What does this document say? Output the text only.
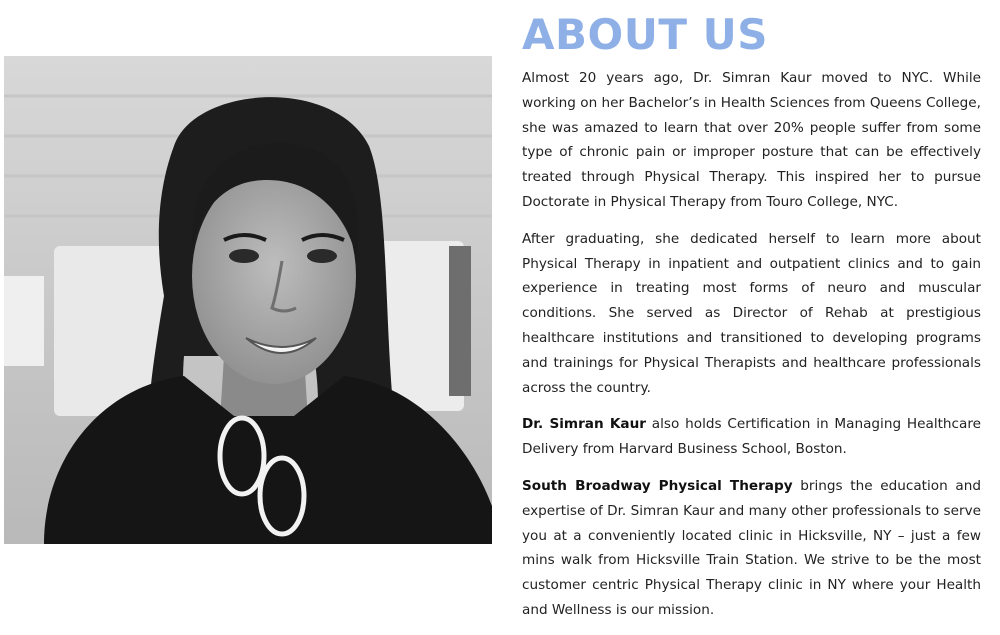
ABOUT US

Almost 20 years ago, Dr. Simran Kaur moved to NYC. While working on her Bachelor’s in Health Sciences from Queens College, she was amazed to learn that over 20% people suffer from some type of chronic pain or improper posture that can be effectively treated through Physical Therapy. This inspired her to pursue Doctorate in Physical Therapy from Touro College, NYC.

After graduating, she dedicated herself to learn more about Physical Therapy in inpatient and outpatient clinics and to gain experience in treating most forms of neuro and muscular conditions. She served as Director of Rehab at prestigious healthcare institutions and transitioned to developing programs and trainings for Physical Therapists and healthcare professionals across the country.

Dr. Simran Kaur also holds Certification in Managing Healthcare Delivery from Harvard Business School, Boston.

South Broadway Physical Therapy brings the education and expertise of Dr. Simran Kaur and many other professionals to serve you at a conveniently located clinic in Hicksville, NY – just a few mins walk from Hicksville Train Station. We strive to be the most customer centric Physical Therapy clinic in NY where your Health and Wellness is our mission.
